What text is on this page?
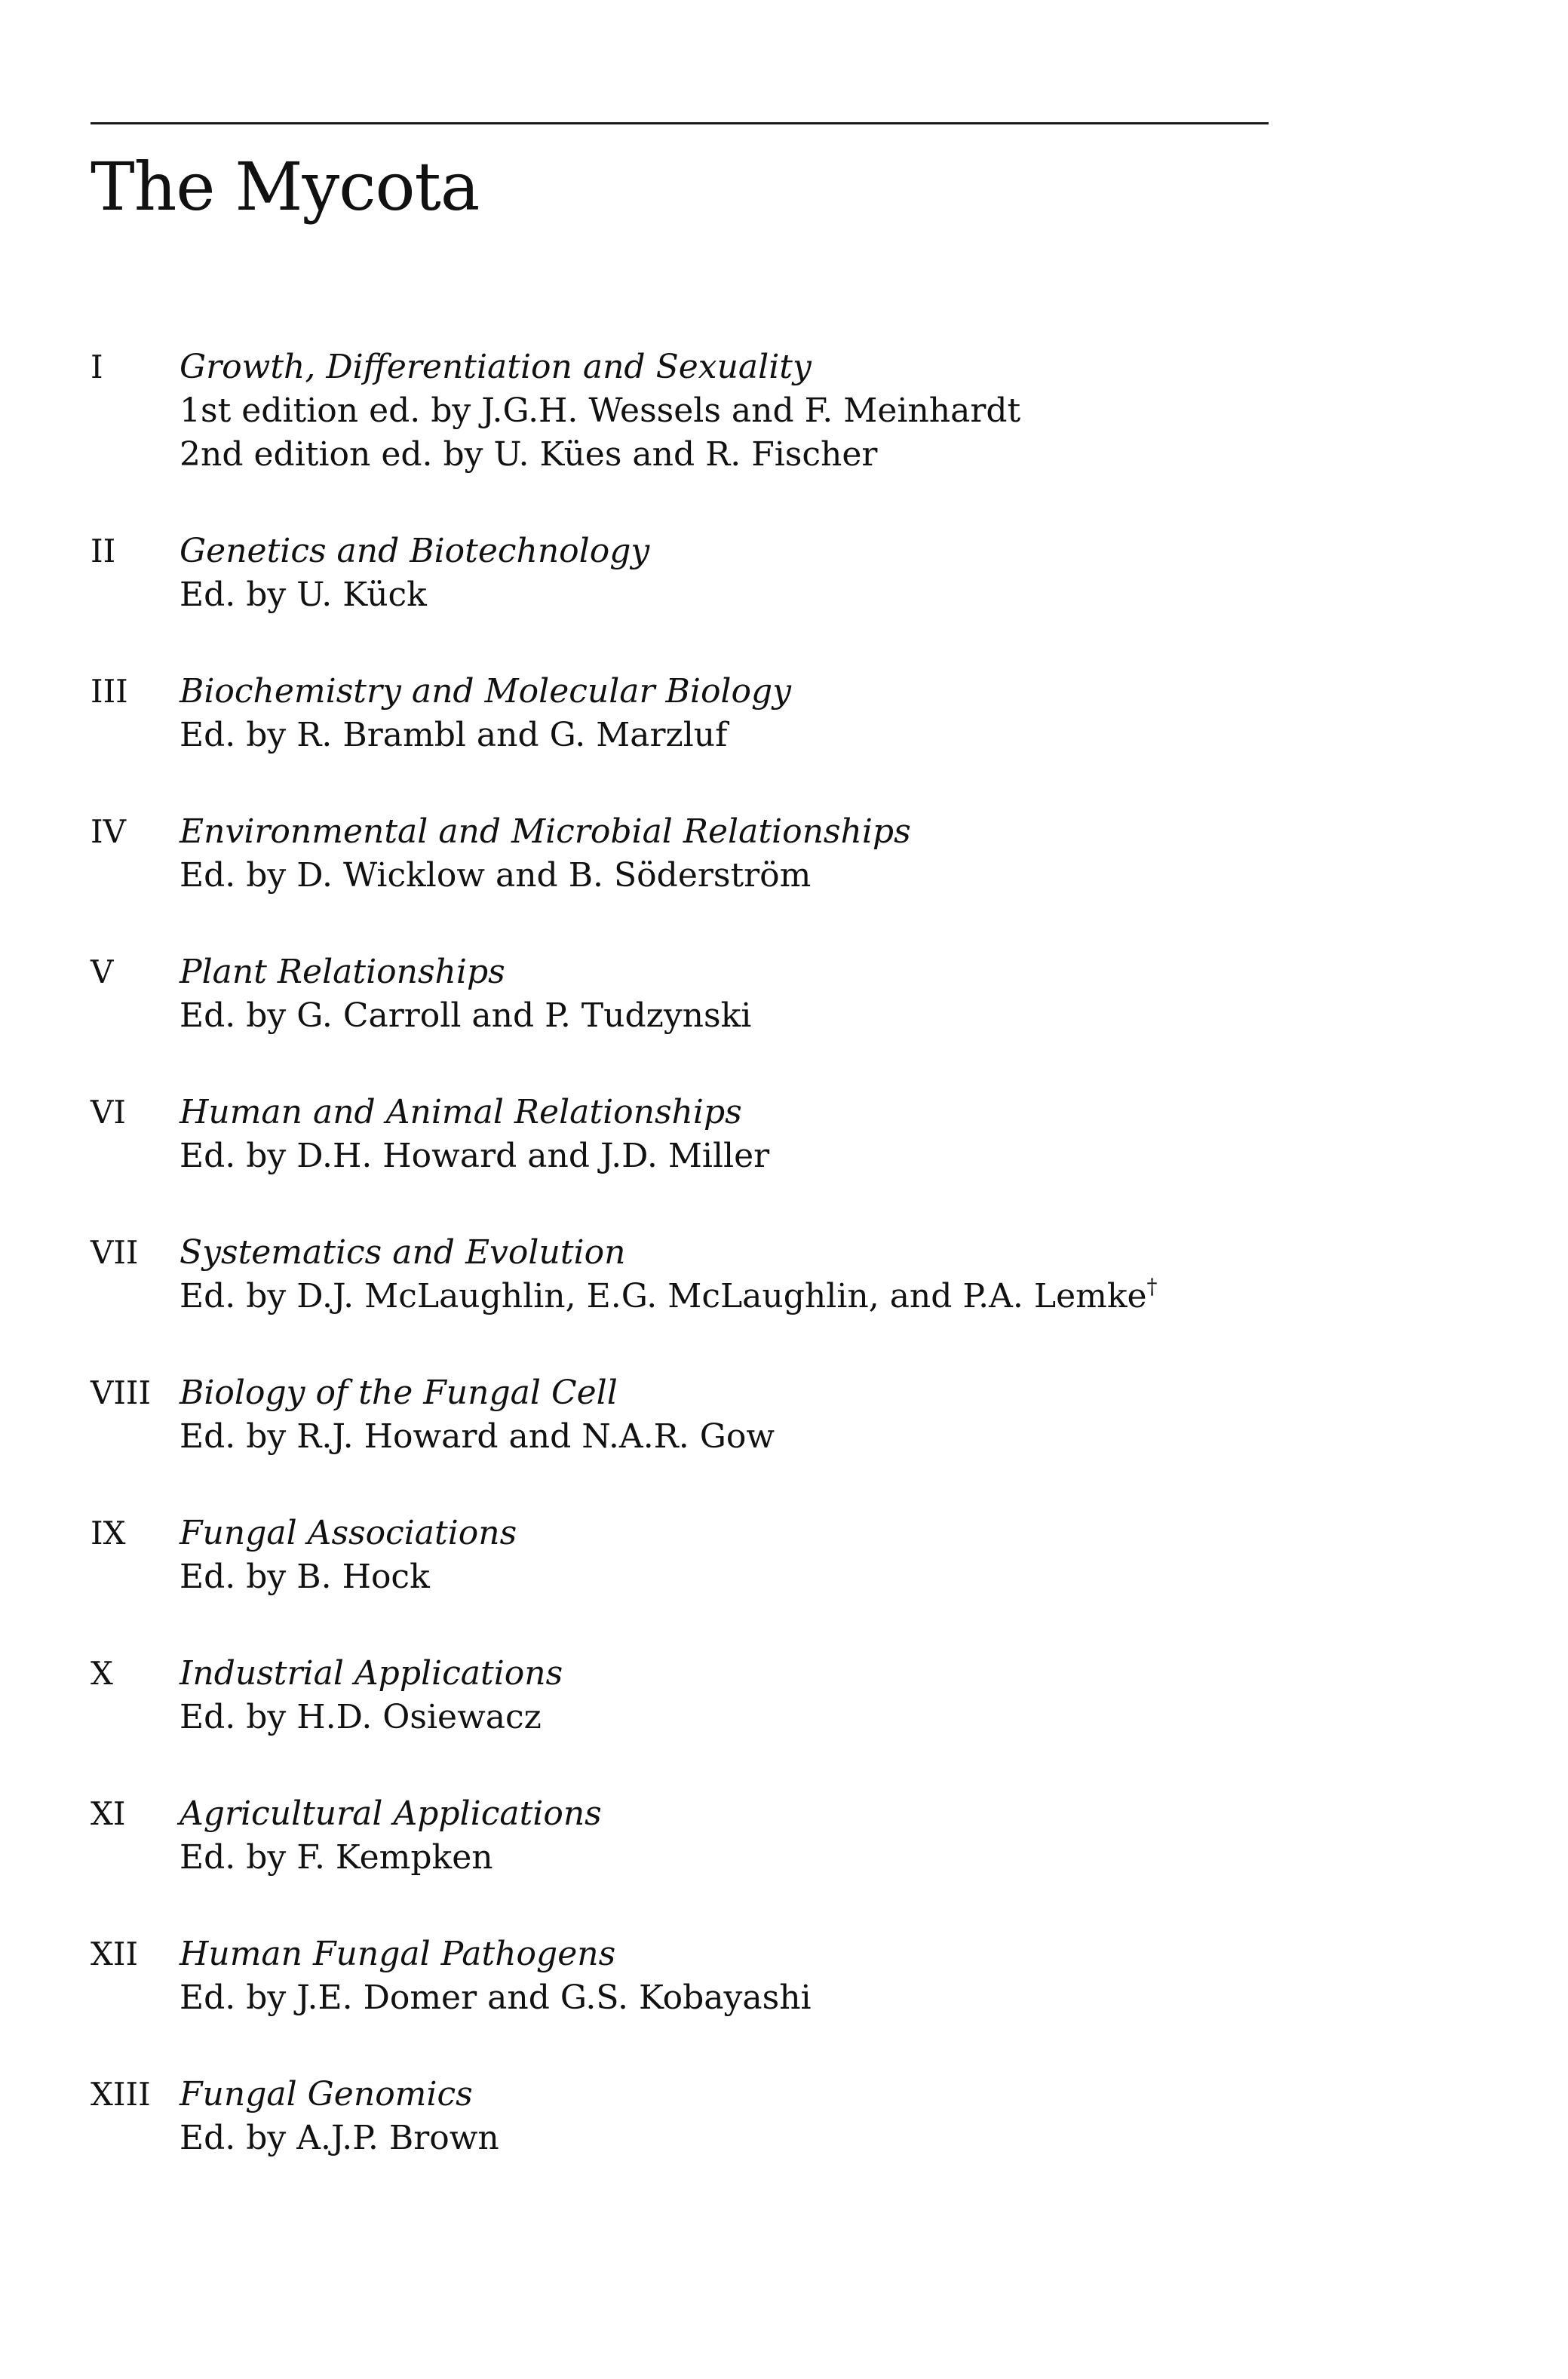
The Mycota
I	Growth, Differentiation and Sexuality
1st edition ed. by J.G.H. Wessels and F. Meinhardt
2nd edition ed. by U. Kües and R. Fischer
II	Genetics and Biotechnology
Ed. by U. Kück
III	Biochemistry and Molecular Biology
Ed. by R. Brambl and G. Marzluf
IV	Environmental and Microbial Relationships
Ed. by D. Wicklow and B. Söderström
V	Plant Relationships
Ed. by G. Carroll and P. Tudzynski
VI	Human and Animal Relationships
Ed. by D.H. Howard and J.D. Miller
VII	Systematics and Evolution
Ed. by D.J. McLaughlin, E.G. McLaughlin, and P.A. Lemke†
VIII Biology of the Fungal Cell
Ed. by R.J. Howard and N.A.R. Gow
IX	Fungal Associations
Ed. by B. Hock
X	Industrial Applications
Ed. by H.D. Osiewacz
XI	Agricultural Applications
Ed. by F. Kempken
XII	Human Fungal Pathogens
Ed. by J.E. Domer and G.S. Kobayashi
XIII Fungal Genomics
Ed. by A.J.P. Brown
